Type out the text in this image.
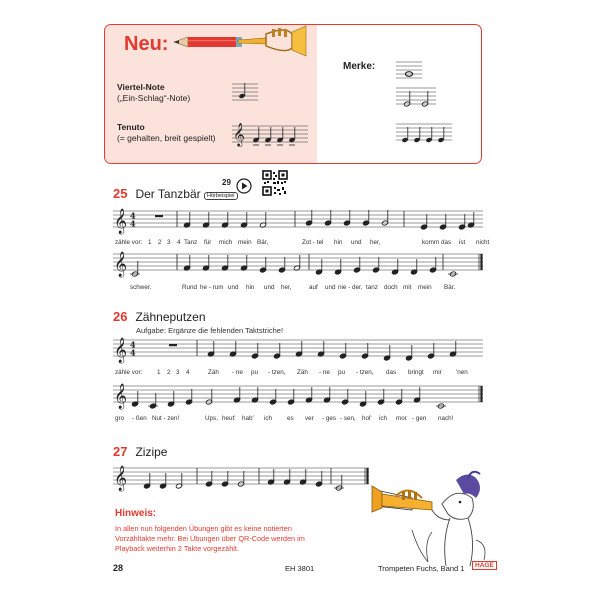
Neu:
Viertel-Note
(„Ein-Schlag“-Note)
Tenuto
(= gehalten, breit gespielt)
Merke:
𝄞
25 Der Tanzbär
29
Hörbeispiel
𝄞 4
4
zähle vor: 1 2 3 4 Tanz für mich mein Bär,	Zot - tel hin und her,	komm das ist nicht
𝄞
schwer.	Rund he - rum und hin und her,	auf und nie - der, tanz doch mit mein Bär.
26 Zähneputzen
Aufgabe: Ergänze die fehlenden Taktstriche!
𝄞 4
4
zähle vor: 1 2 3 4	Zäh - ne pu - tzen, Zäh - ne pu - tzen, das bringt mir 'nen
𝄞
gro - ßen Nut - zen!	Ups, heut' hab' ich es ver - ges - sen, hol' ich mor - gen nach!
27 Zizipe
𝄞
Hinweis:
In allen nun folgenden Übungen gibt es keine notierten Vorzähltakte mehr. Bei Übungen über QR-Code werden im Playback weiterhin 2 Takte vorgezählt.
28	EH 3801	Trompeten Fuchs, Band 1	HAGE
